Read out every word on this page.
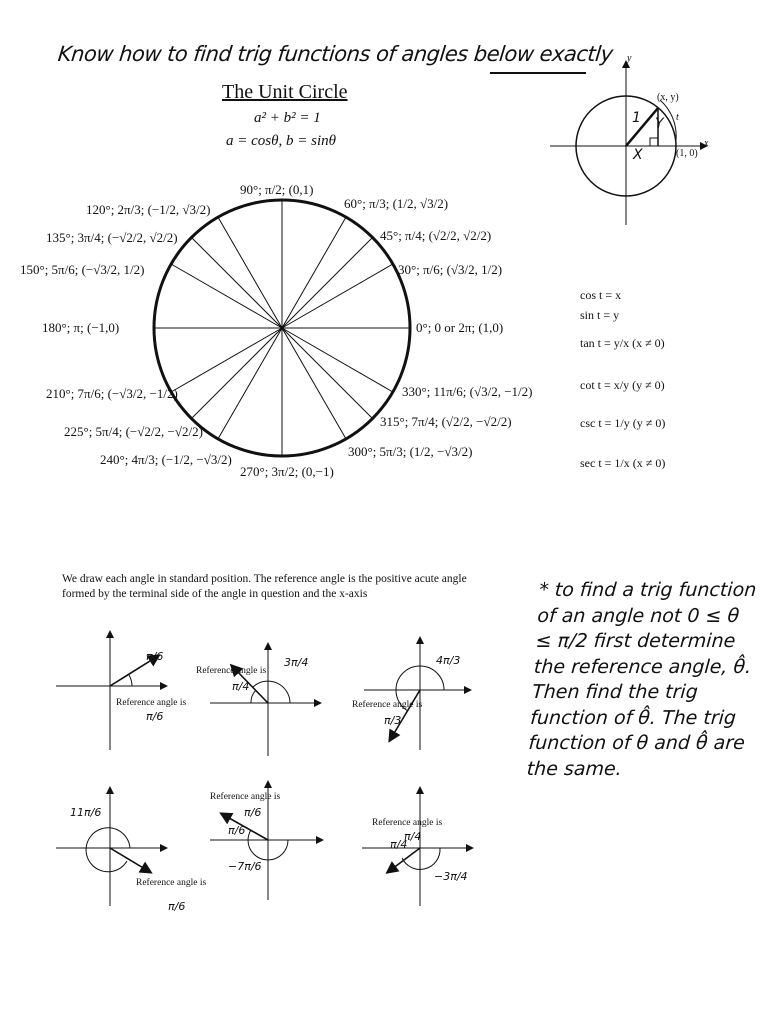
Know how to find trig functions of angles below exactly
The Unit Circle
a² + b² = 1
a = cosθ, b = sinθ
y
x
(x, y)
t
(1, 0)
X
Y
1
90°; π/2; (0,1)
60°; π/3; (1/2, √3/2)
45°; π/4; (√2/2, √2/2)
30°; π/6; (√3/2, 1/2)
0°; 0 or 2π; (1,0)
330°; 11π/6; (√3/2, −1/2)
315°; 7π/4; (√2/2, −√2/2)
300°; 5π/3; (1/2, −√3/2)
270°; 3π/2; (0,−1)
240°; 4π/3; (−1/2, −√3/2)
225°; 5π/4; (−√2/2, −√2/2)
210°; 7π/6; (−√3/2, −1/2)
180°; π; (−1,0)
150°; 5π/6; (−√3/2, 1/2)
135°; 3π/4; (−√2/2, √2/2)
120°; 2π/3; (−1/2, √3/2)
cos t = x
sin t = y
tan t = y/x (x ≠ 0)
cot t = x/y (y ≠ 0)
csc t = 1/y (y ≠ 0)
sec t = 1/x (x ≠ 0)
We draw each angle in standard position. The reference angle is the positive acute angle formed by the terminal side of the angle in question and the x-axis	* to find a trig function of an angle not 0 ≤ θ ≤ π/2 first determine the reference angle, θ̂. Then find the trig function of θ̂. The trig function of θ and θ̂ are the same.
π/6
Reference angle is
π/6
3π/4
Reference angle is
π/4
4π/3
Reference angle is
π/3
11π/6
Reference angle is
π/6
−7π/6
π/6
Reference angle is
π/6
−3π/4
π/4
Reference angle is
π/4
